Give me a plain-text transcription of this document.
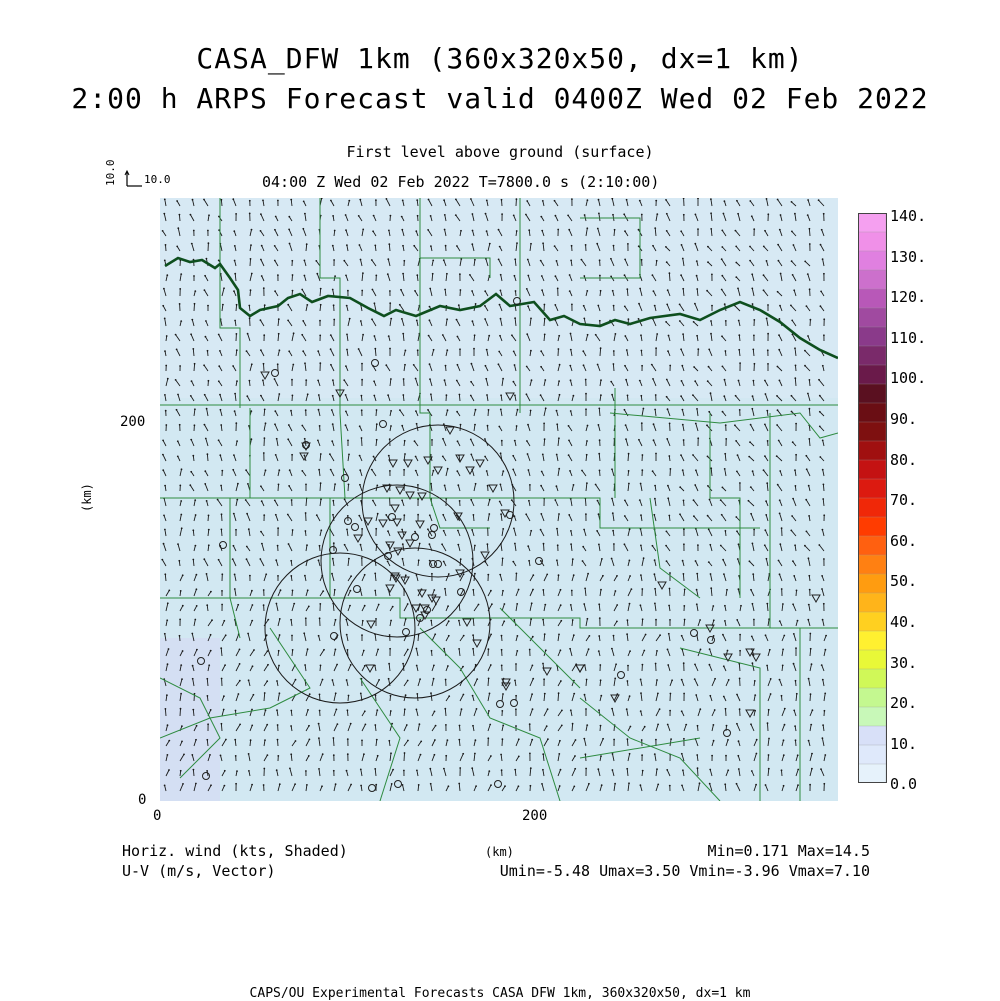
CASA_DFW 1km (360x320x50, dx=1 km)
2:00 h ARPS Forecast valid 0400Z Wed 02 Feb 2022
First level above ground (surface)
04:00 Z Wed 02 Feb 2022 T=7800.0 s (2:10:00)
10.0 10.0
(km)
200
0
0	200
140.
130.
120.
110.
100.
90.
80.
70.
60.
50.
40.
30.
20.
10.
0.0
Horiz. wind (kts, Shaded)
U-V (m/s, Vector)
(km)	Min=0.171 Max=14.5
Umin=-5.48 Umax=3.50 Vmin=-3.96 Vmax=7.10
CAPS/OU Experimental Forecasts CASA DFW 1km, 360x320x50, dx=1 km
